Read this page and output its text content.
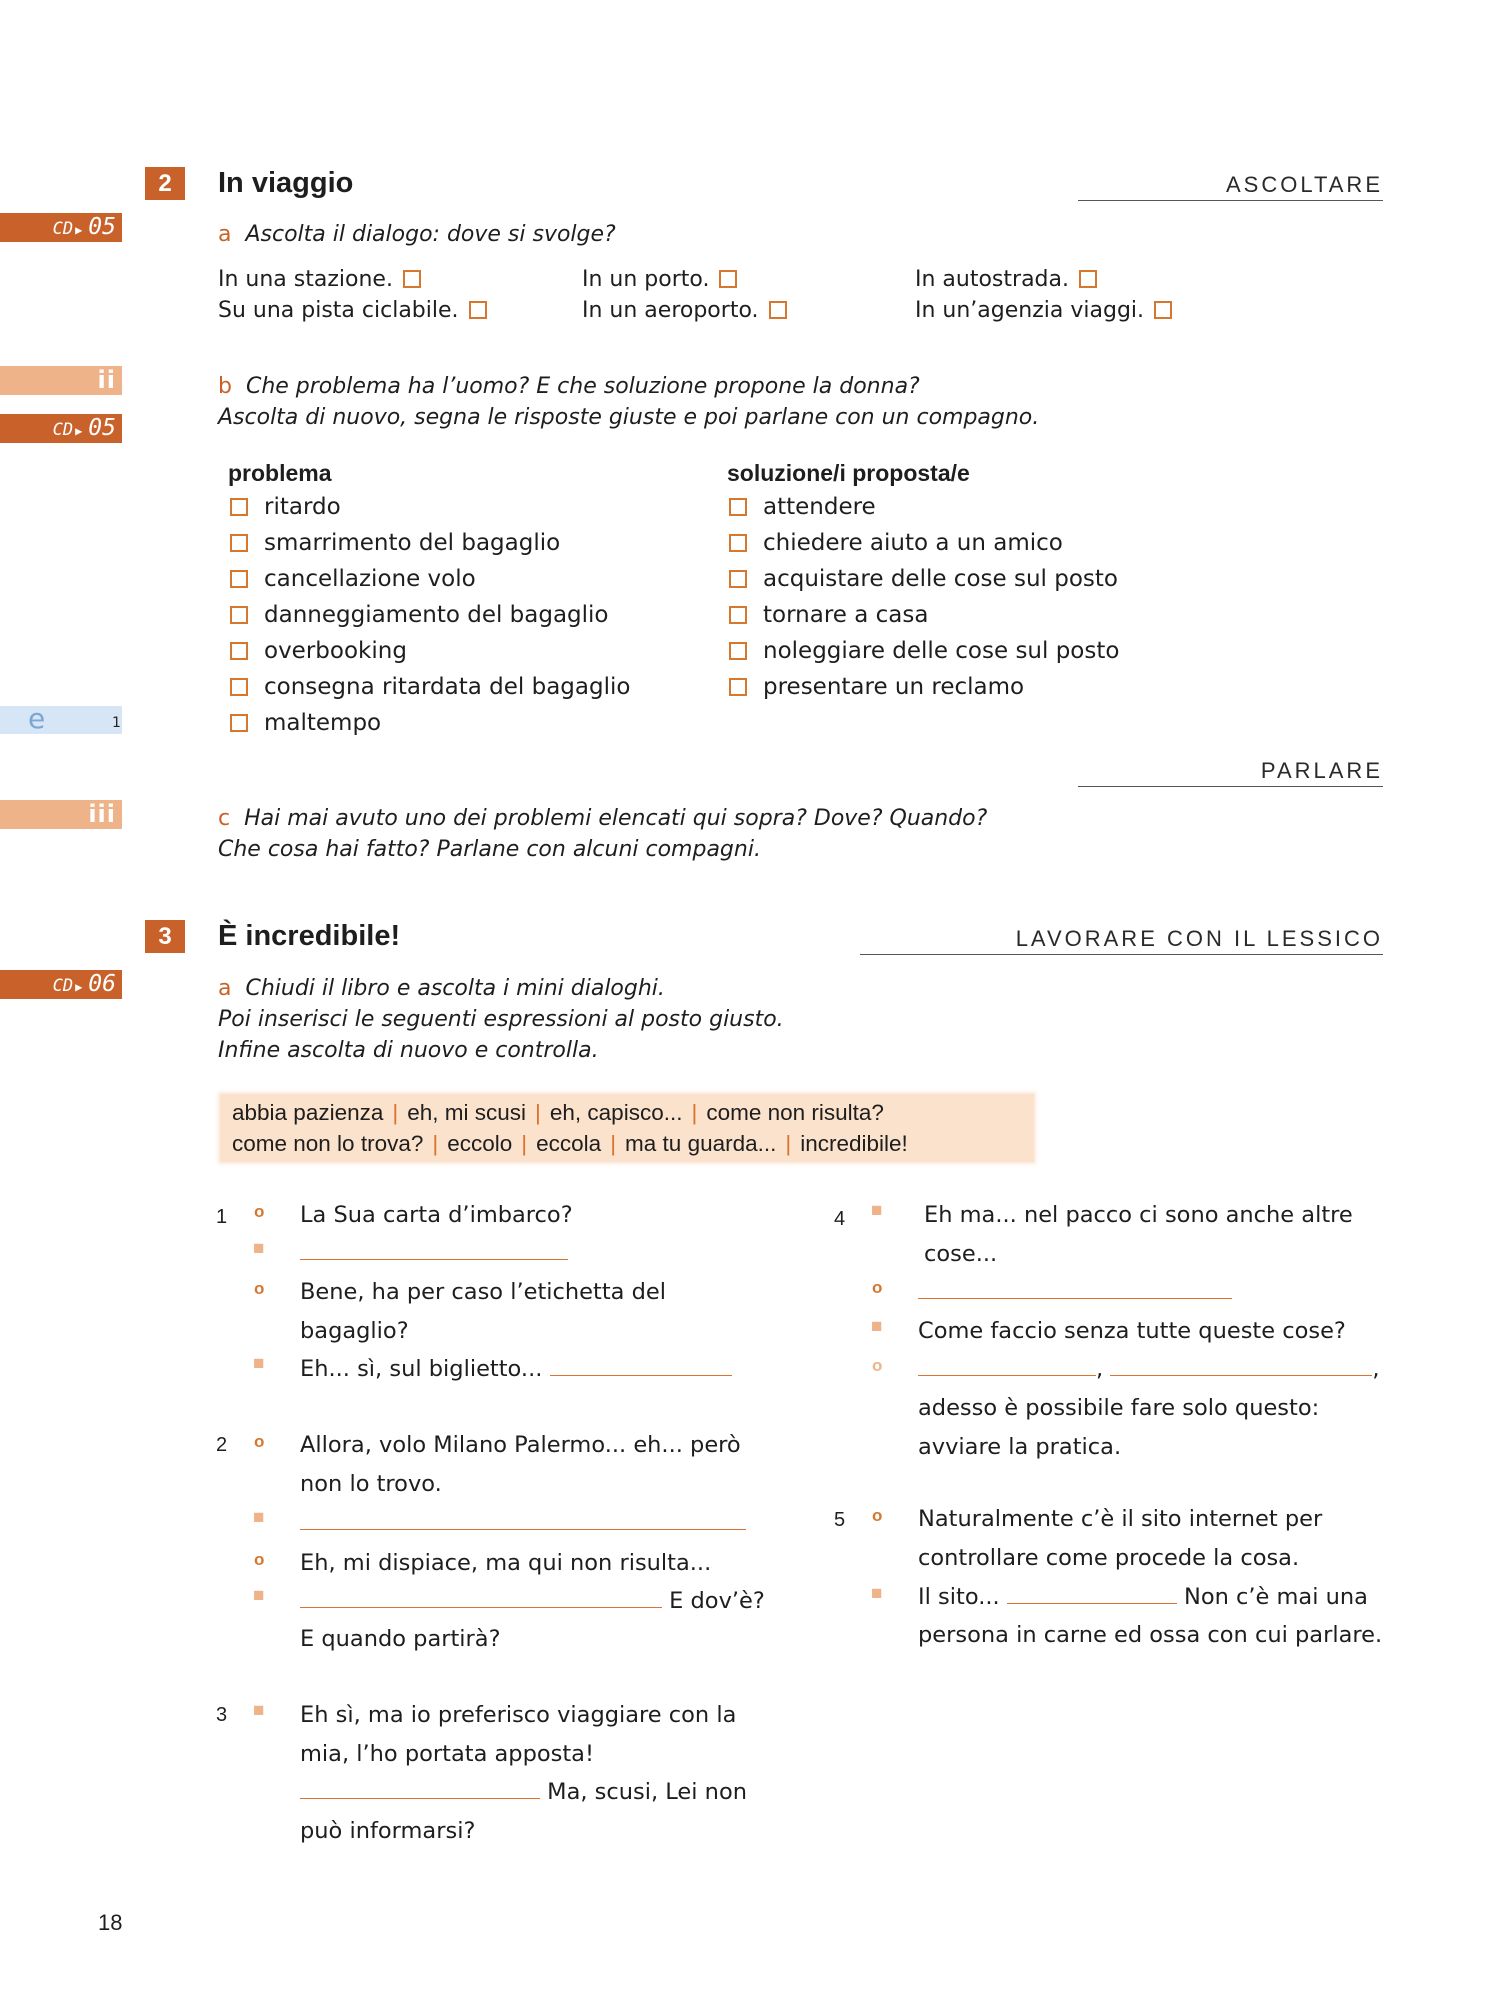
CD ▶ 05
ii
CD ▶ 05
e	1
iii
CD ▶ 06
2	In viaggio	ASCOLTARE
a Ascolta il dialogo: dove si svolge?
In una stazione.
Su una pista ciclabile.
In un porto.
In un aeroporto.
In autostrada.
In un’agenzia viaggi.
b Che problema ha l’uomo? E che soluzione propone la donna?
Ascolta di nuovo, segna le risposte giuste e poi parlane con un compagno.
problema
ritardo
smarrimento del bagaglio
cancellazione volo
danneggiamento del bagaglio
overbooking
consegna ritardata del bagaglio
maltempo
soluzione/i proposta/e
attendere
chiedere aiuto a un amico
acquistare delle cose sul posto
tornare a casa
noleggiare delle cose sul posto
presentare un reclamo
PARLARE
c Hai mai avuto uno dei problemi elencati qui sopra? Dove? Quando?
Che cosa hai fatto? Parlane con alcuni compagni.
3	È incredibile!	LAVORARE CON IL LESSICO
a Chiudi il libro e ascolta i mini dialoghi.
Poi inserisci le seguenti espressioni al posto giusto.
Infine ascolta di nuovo e controlla.
abbia pazienza | eh, mi scusi | eh, capisco... | come non risulta?
come non lo trova? | eccolo | eccola | ma tu guarda... | incredibile!
1 o La Sua carta d’imbarco?
■
o Bene, ha per caso l’etichetta del
bagaglio?
■ Eh... sì, sul biglietto...
2 o Allora, volo Milano Palermo... eh... però
non lo trovo.
■
o Eh, mi dispiace, ma qui non risulta...
■	E dov’è?
E quando partirà?
3 ■ Eh sì, ma io preferisco viaggiare con la
mia, l’ho portata apposta!
Ma, scusi, Lei non
può informarsi?
4 ■ Eh ma... nel pacco ci sono anche altre
cose...
o
■ Come faccio senza tutte queste cose?
o	,	,
adesso è possibile fare solo questo:
avviare la pratica.
5 o Naturalmente c’è il sito internet per
controllare come procede la cosa.
■ Il sito...	Non c’è mai una
persona in carne ed ossa con cui parlare.
18
